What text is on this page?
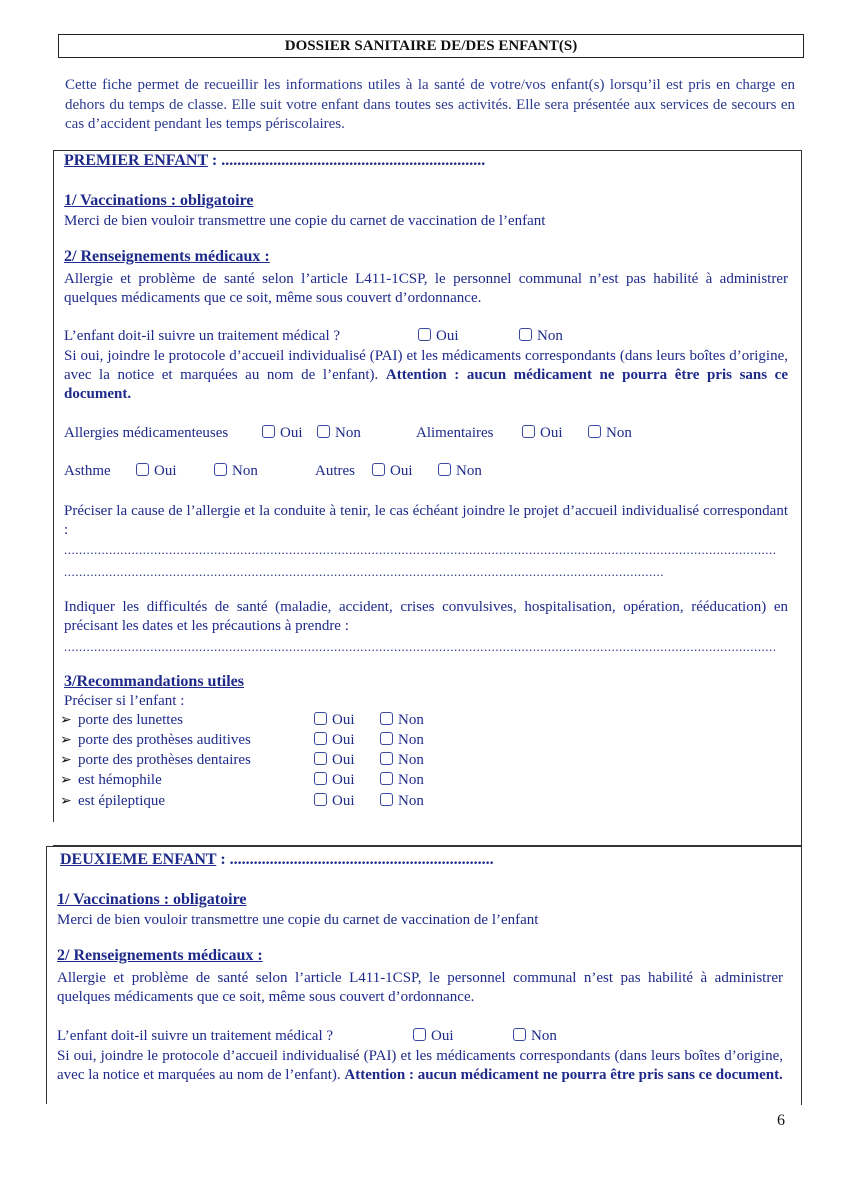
DOSSIER SANITAIRE DE/DES ENFANT(S)
Cette fiche permet de recueillir les informations utiles à la santé de votre/vos enfant(s) lorsqu’il est pris en charge en dehors du temps de classe. Elle suit votre enfant dans toutes ses activités. Elle sera présentée aux services de secours en cas d’accident pendant les temps périscolaires.
PREMIER ENFANT : ..................................................................
1/ Vaccinations : obligatoire
Merci de bien vouloir transmettre une copie du carnet de vaccination de l’enfant
2/ Renseignements médicaux :
Allergie et problème de santé selon l’article L411-1CSP, le personnel communal n’est pas habilité à administrer quelques médicaments que ce soit, même sous couvert d’ordonnance.
L’enfant doit-il suivre un traitement médical ?	Oui	Non
Si oui, joindre le protocole d’accueil individualisé (PAI) et les médicaments correspondants (dans leurs boîtes d’origine, avec la notice et marquées au nom de l’enfant). Attention : aucun médicament ne pourra être pris sans ce document.
Allergies médicamenteuses	Oui	Non	Alimentaires	Oui	Non
Asthme	Oui	Non	Autres	Oui	Non
Préciser la cause de l’allergie et la conduite à tenir, le cas échéant joindre le projet d’accueil individualisé correspondant :
..............................................................................................................................................................................................
................................................................................................................................................................
Indiquer les difficultés de santé (maladie, accident, crises convulsives, hospitalisation, opération, rééducation) en précisant les dates et les précautions à prendre :
..............................................................................................................................................................................................
3/Recommandations utiles
Préciser si l’enfant :
➢ porte des lunettes	Oui	Non
➢ porte des prothèses auditives	Oui	Non
➢ porte des prothèses dentaires	Oui	Non
➢ est hémophile	Oui	Non
➢ est épileptique	Oui	Non
DEUXIEME ENFANT : ..................................................................
1/ Vaccinations : obligatoire
Merci de bien vouloir transmettre une copie du carnet de vaccination de l’enfant
2/ Renseignements médicaux :
Allergie et problème de santé selon l’article L411-1CSP, le personnel communal n’est pas habilité à administrer quelques médicaments que ce soit, même sous couvert d’ordonnance.
L’enfant doit-il suivre un traitement médical ?	Oui	Non
Si oui, joindre le protocole d’accueil individualisé (PAI) et les médicaments correspondants (dans leurs boîtes d’origine, avec la notice et marquées au nom de l’enfant). Attention : aucun médicament ne pourra être pris sans ce document.
6
